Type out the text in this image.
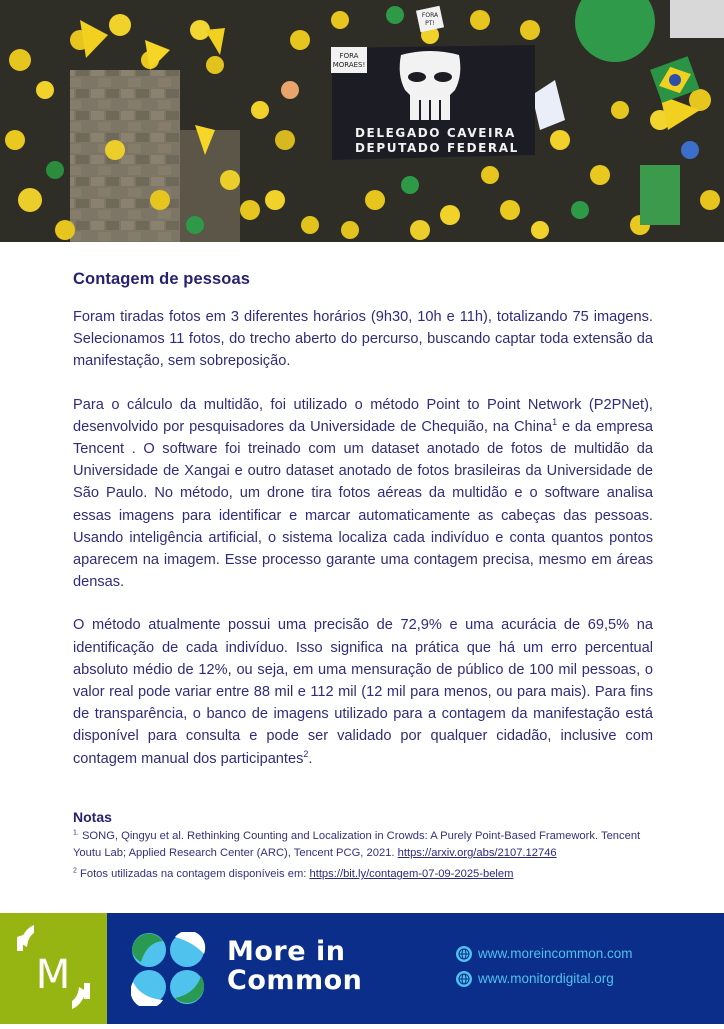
DELEGADO CAVEIRA
DEPUTADO FEDERAL
FORA
MORAES!
FORA
PT!
Contagem de pessoas

Foram tiradas fotos em 3 diferentes horários (9h30, 10h e 11h), totalizando 75 imagens. Selecionamos 11 fotos, do trecho aberto do percurso, buscando captar toda extensão da manifestação, sem sobreposição.

Para o cálculo da multidão, foi utilizado o método Point to Point Network (P2PNet), desenvolvido por pesquisadores da Universidade de Chequião, na China$^1$ e da empresa Tencent . O software foi treinado com um dataset anotado de fotos de multidão da Universidade de Xangai e outro dataset anotado de fotos brasileiras da Universidade de São Paulo. No método, um drone tira fotos aéreas da multidão e o software analisa essas imagens para identificar e marcar automaticamente as cabeças das pessoas. Usando inteligência artificial, o sistema localiza cada indivíduo e conta quantos pontos aparecem na imagem. Esse processo garante uma contagem precisa, mesmo em áreas densas.

O método atualmente possui uma precisão de 72,9% e uma acurácia de 69,5% na identificação de cada indivíduo. Isso significa na prática que há um erro percentual absoluto médio de 12%, ou seja, em uma mensuração de público de 100 mil pessoas, o valor real pode variar entre 88 mil e 112 mil (12 mil para menos, ou para mais). Para fins de transparência, o banco de imagens utilizado para a contagem da manifestação está disponível para consulta e pode ser validado por qualquer cidadão, inclusive com contagem manual dos participantes$^2$.

Notas
$^{1.}$ SONG, Qingyu et al. Rethinking Counting and Localization in Crowds: A Purely Point-Based Framework. Tencent Youtu Lab; Applied Research Center (ARC), Tencent PCG, 2021. https://arxiv.org/abs/2107.12746
$^2$ Fotos utilizadas na contagem disponíveis em: https://bit.ly/contagem-07-09-2025-belem
M
More in
Common
www.moreincommon.com
www.monitordigital.org
